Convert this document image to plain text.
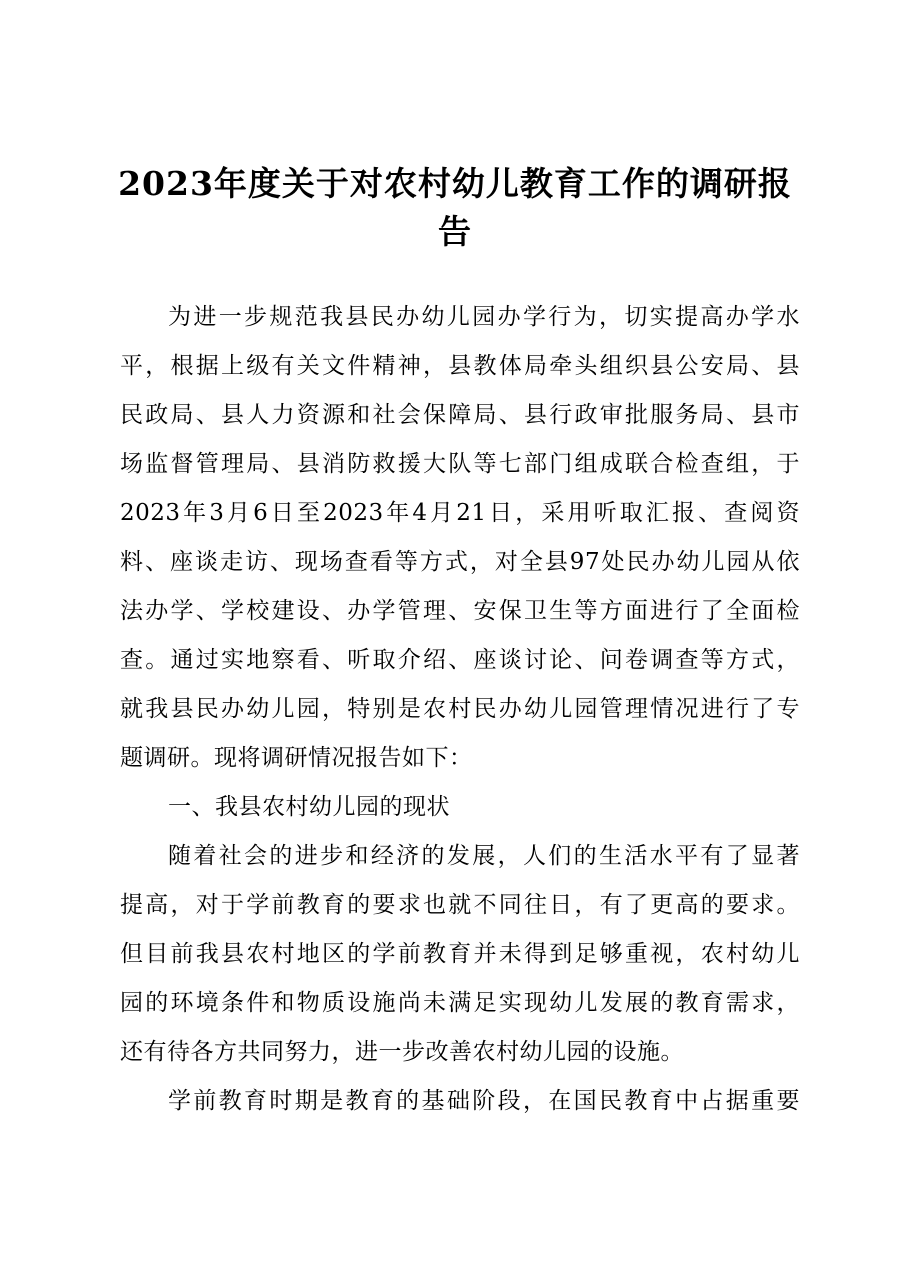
2023年度关于对农村幼儿教育工作的调研报
告
为进一步规范我县民办幼儿园办学行为，切实提高办学水
平，根据上级有关文件精神，县教体局牵头组织县公安局、县
民政局、县人力资源和社会保障局、县行政审批服务局、县市
场监督管理局、县消防救援大队等七部门组成联合检查组，于
2023年3月6日至2023年4月21日，采用听取汇报、查阅资
料、座谈走访、现场查看等方式，对全县97处民办幼儿园从依
法办学、学校建设、办学管理、安保卫生等方面进行了全面检
查。通过实地察看、听取介绍、座谈讨论、问卷调查等方式，
就我县民办幼儿园，特别是农村民办幼儿园管理情况进行了专
题调研。现将调研情况报告如下：
一、我县农村幼儿园的现状
随着社会的进步和经济的发展，人们的生活水平有了显著
提高，对于学前教育的要求也就不同往日，有了更高的要求。
但目前我县农村地区的学前教育并未得到足够重视，农村幼儿
园的环境条件和物质设施尚未满足实现幼儿发展的教育需求，
还有待各方共同努力，进一步改善农村幼儿园的设施。
学前教育时期是教育的基础阶段，在国民教育中占据重要
